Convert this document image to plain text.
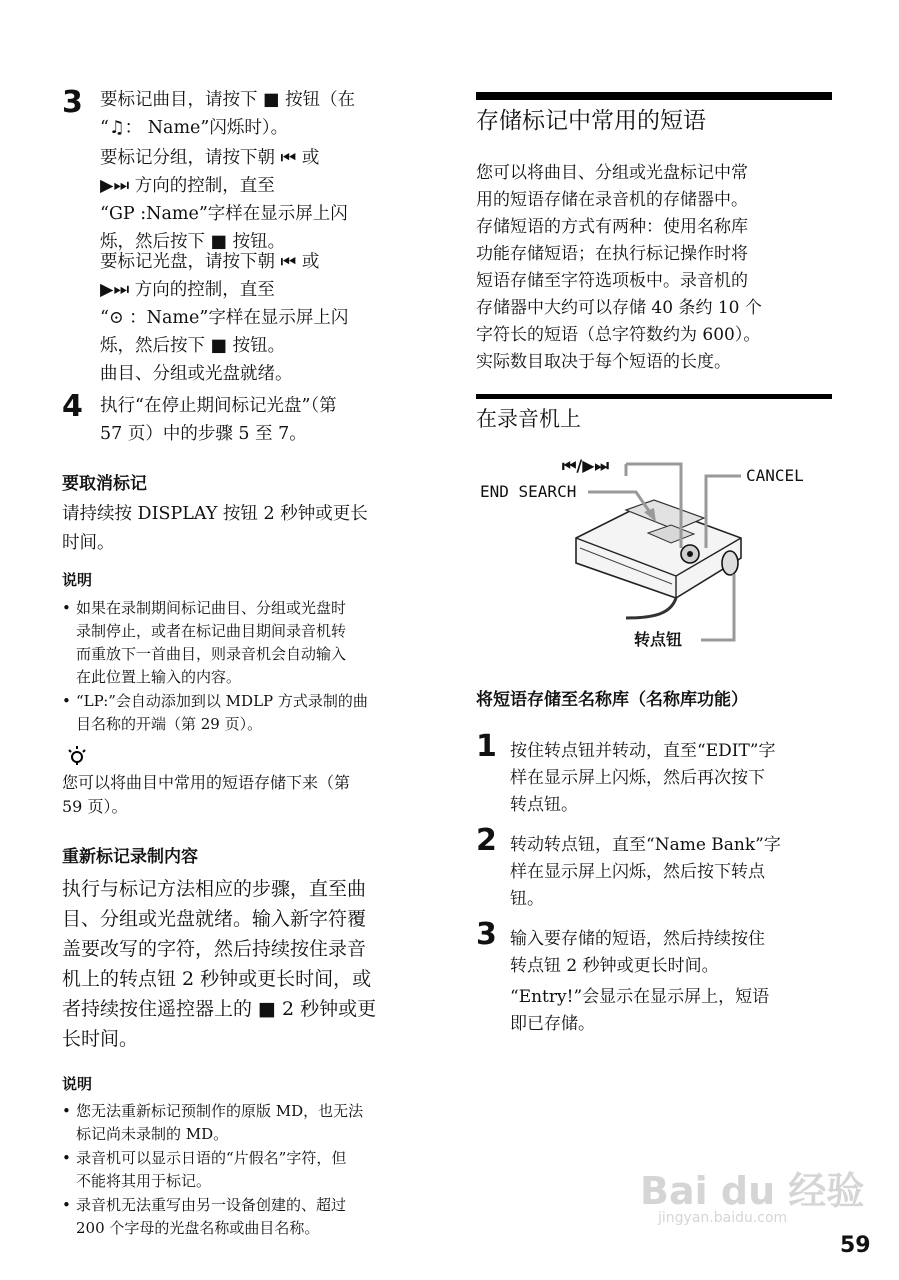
3 要标记曲目，请按下 ■ 按钮（在
“♫： Name”闪烁时）。
要标记分组，请按下朝 ⏮ 或
▶⏭ 方向的控制，直至
“GP :Name”字样在显示屏上闪
烁，然后按下 ■ 按钮。
要标记光盘，请按下朝 ⏮ 或
▶⏭ 方向的控制，直至
“⊙ ：Name”字样在显示屏上闪
烁，然后按下 ■ 按钮。
曲目、分组或光盘就绪。
4 执行“在停止期间标记光盘”（第
57 页）中的步骤 5 至 7。
要取消标记
请持续按 DISPLAY 按钮 2 秒钟或更长
时间。
说明
• 如果在录制期间标记曲目、分组或光盘时
录制停止，或者在标记曲目期间录音机转
而重放下一首曲目，则录音机会自动输入
在此位置上输入的内容。
• “LP:”会自动添加到以 MDLP 方式录制的曲
目名称的开端（第 29 页）。
您可以将曲目中常用的短语存储下来（第
59 页）。
重新标记录制内容
执行与标记方法相应的步骤，直至曲
目、分组或光盘就绪。输入新字符覆
盖要改写的字符，然后持续按住录音
机上的转点钮 2 秒钟或更长时间，或
者持续按住遥控器上的 ■ 2 秒钟或更
长时间。
说明
• 您无法重新标记预制作的原版 MD，也无法
标记尚未录制的 MD。
• 录音机可以显示日语的“片假名”字符，但
不能将其用于标记。
• 录音机无法重写由另一设备创建的、超过
200 个字母的光盘名称或曲目名称。
存储标记中常用的短语
您可以将曲目、分组或光盘标记中常
用的短语存储在录音机的存储器中。
存储短语的方式有两种：使用名称库
功能存储短语；在执行标记操作时将
短语存储至字符选项板中。录音机的
存储器中大约可以存储 40 条约 10 个
字符长的短语（总字符数约为 600）。
实际数目取决于每个短语的长度。
在录音机上
⏮/▶⏭
CANCEL
END SEARCH
转点钮
将短语存储至名称库（名称库功能）
1 按住转点钮并转动，直至“EDIT”字
样在显示屏上闪烁，然后再次按下
转点钮。
2 转动转点钮，直至“Name Bank”字
样在显示屏上闪烁，然后按下转点
钮。
3 输入要存储的短语，然后持续按住
转点钮 2 秒钟或更长时间。
“Entry!”会显示在显示屏上，短语
即已存储。
Bai du 经验
jingyan.baidu.com
59
